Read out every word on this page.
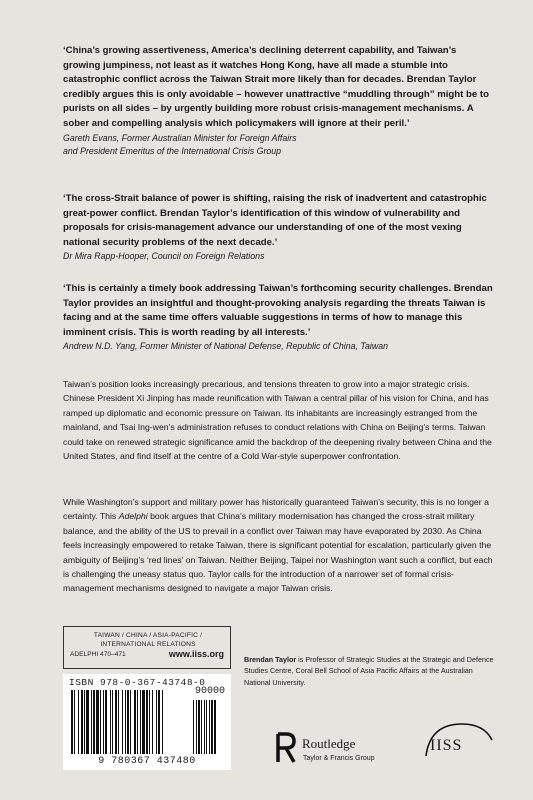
‘China’s growing assertiveness, America’s declining deterrent capability, and Taiwan’s growing jumpiness, not least as it watches Hong Kong, have all made a stumble into catastrophic conflict across the Taiwan Strait more likely than for decades. Brendan Taylor credibly argues this is only avoidable – however unattractive “muddling through” might be to purists on all sides – by urgently building more robust crisis-management mechanisms. A sober and compelling analysis which policymakers will ignore at their peril.’

Gareth Evans, Former Australian Minister for Foreign Affairs

and President Emeritus of the International Crisis Group

‘The cross-Strait balance of power is shifting, raising the risk of inadvertent and catastrophic great-power conflict. Brendan Taylor’s identification of this window of vulnerability and proposals for crisis-management advance our understanding of one of the most vexing national security problems of the next decade.’

Dr Mira Rapp-Hooper, Council on Foreign Relations

‘This is certainly a timely book addressing Taiwan’s forthcoming security challenges. Brendan Taylor provides an insightful and thought-provoking analysis regarding the threats Taiwan is facing and at the same time offers valuable suggestions in terms of how to manage this imminent crisis. This is worth reading by all interests.’

Andrew N.D. Yang, Former Minister of National Defense, Republic of China, Taiwan

Taiwan’s position looks increasingly precarious, and tensions threaten to grow into a major strategic crisis. Chinese President Xi Jinping has made reunification with Taiwan a central pillar of his vision for China, and has ramped up diplomatic and economic pressure on Taiwan. Its inhabitants are increasingly estranged from the mainland, and Tsai Ing-wen’s administration refuses to conduct relations with China on Beijing’s terms. Taiwan could take on renewed strategic significance amid the backdrop of the deepening rivalry between China and the United States, and find itself at the centre of a Cold War-style superpower confrontation.

While Washington’s support and military power has historically guaranteed Taiwan’s security, this is no longer a certainty. This Adelphi book argues that China’s military modernisation has changed the cross-strait military balance, and the ability of the US to prevail in a conflict over Taiwan may have evaporated by 2030. As China feels increasingly empowered to retake Taiwan, there is significant potential for escalation, particularly given the ambiguity of Beijing’s ‘red lines’ on Taiwan. Neither Beijing, Taipei nor Washington want such a conflict, but each is challenging the uneasy status quo. Taylor calls for the introduction of a narrower set of formal crisis-management mechanisms designed to navigate a major Taiwan crisis.

TAIWAN / CHINA / ASIA-PACIFIC /
INTERNATIONAL RELATIONS
ADELPHI 470–471	www.iiss.org
ISBN 978-0-367-43748-0
90000
9 780367 437480

Brendan Taylor is Professor of Strategic Studies at the Strategic and Defence Studies Centre, Coral Bell School of Asia Pacific Affairs at the Australian National University.

Routledge
Taylor & Francis Group
IISS
